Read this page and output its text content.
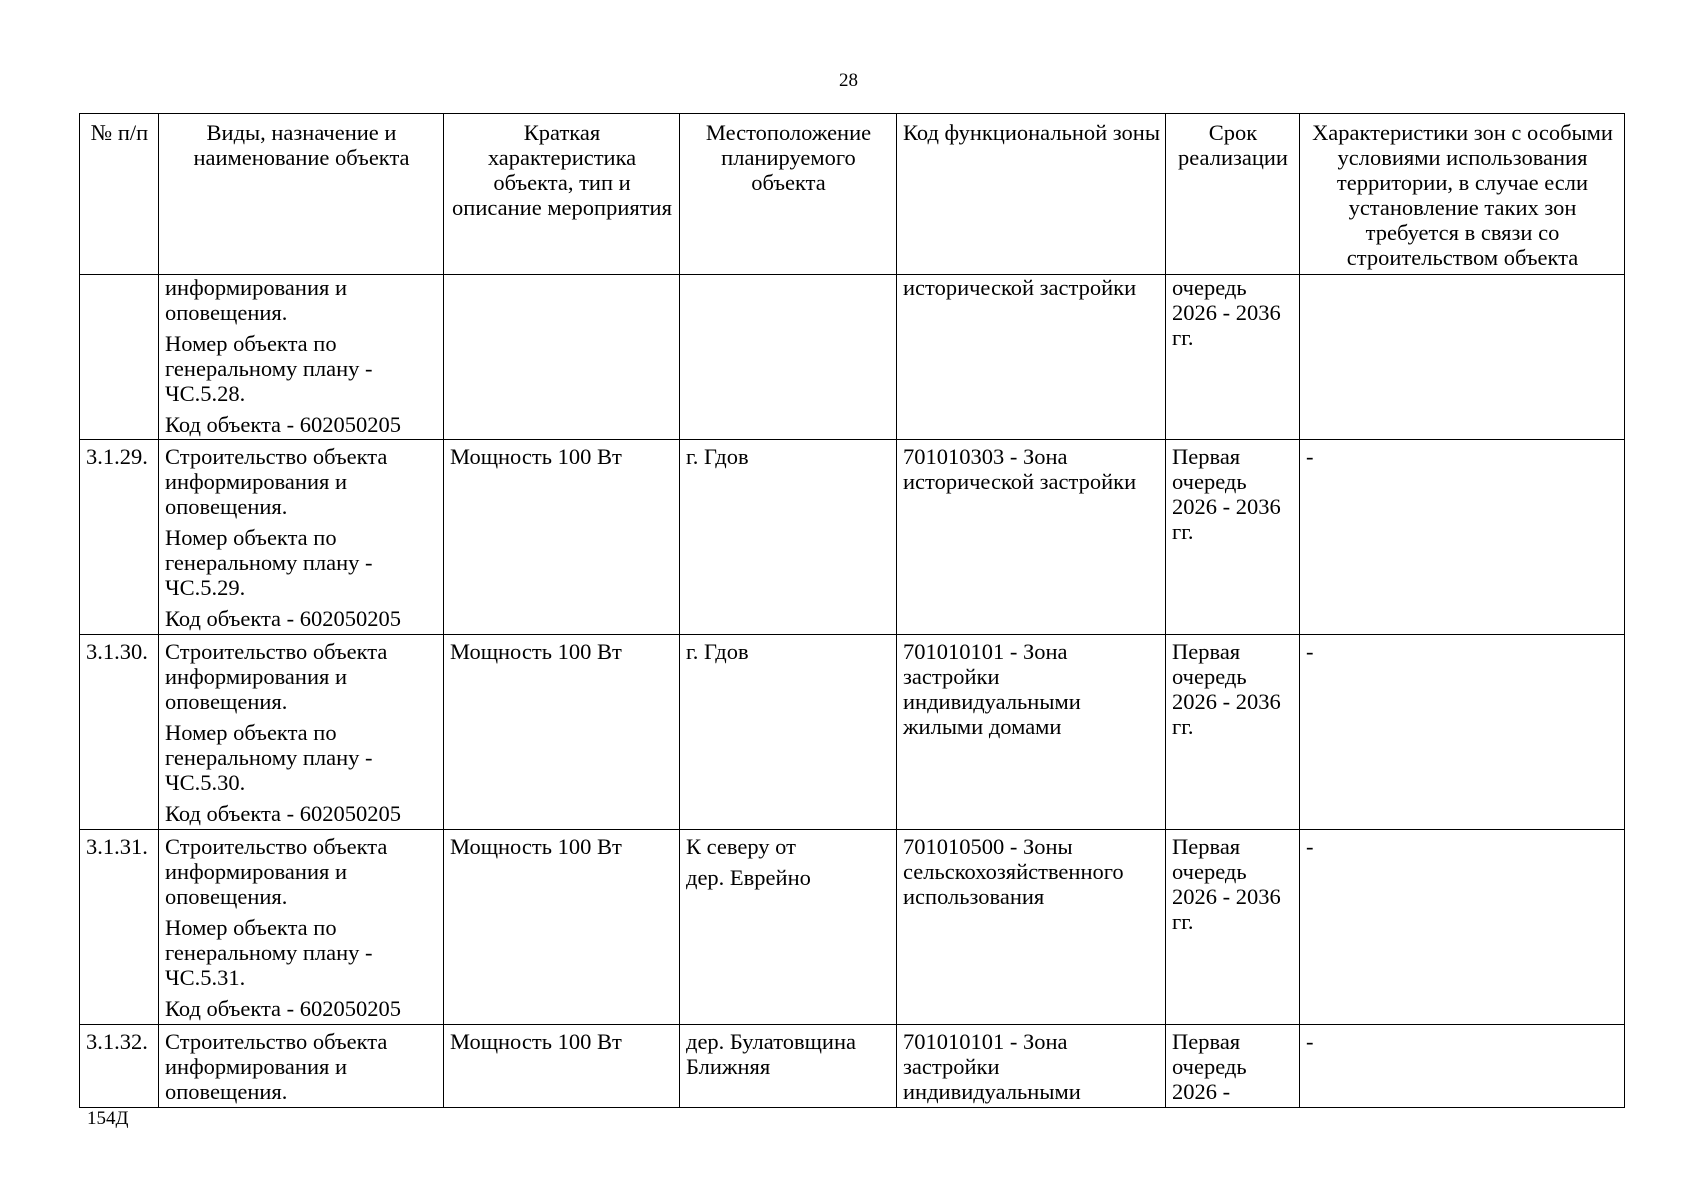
28
№ п/п	Виды, назначение и наименование объекта	Краткая характеристика объекта, тип и описание мероприятия	Местоположение планируемого объекта	Код функциональной зоны	Срок реализации	Характеристики зон с особыми условиями использования территории, в случае если установление таких зон требуется в связи со строительством объекта

	информирования и оповещения.
Номер объекта по генеральному плану - ЧС.5.28.
Код объекта - 602050205			исторической застройки	очередь 2026 - 2036 гг.	
3.1.29.	Строительство объекта информирования и оповещения.
Номер объекта по генеральному плану - ЧС.5.29.
Код объекта - 602050205	Мощность 100 Вт	г. Гдов	701010303 - Зона исторической застройки	Первая очередь 2026 - 2036 гг.	-
3.1.30.	Строительство объекта информирования и оповещения.
Номер объекта по генеральному плану - ЧС.5.30.
Код объекта - 602050205	Мощность 100 Вт	г. Гдов	701010101 - Зона застройки индивидуальными жилыми домами	Первая очередь 2026 - 2036 гг.	-
3.1.31.	Строительство объекта информирования и оповещения.
Номер объекта по генеральному плану - ЧС.5.31.
Код объекта - 602050205	Мощность 100 Вт	К северу от
дер. Еврейно	701010500 - Зоны сельскохозяйственного использования	Первая очередь 2026 - 2036 гг.	-
3.1.32.	Строительство объекта информирования и оповещения.	Мощность 100 Вт	дер. Булатовщина Ближняя	701010101 - Зона застройки индивидуальными	Первая очередь 2026 -	-
154Д
